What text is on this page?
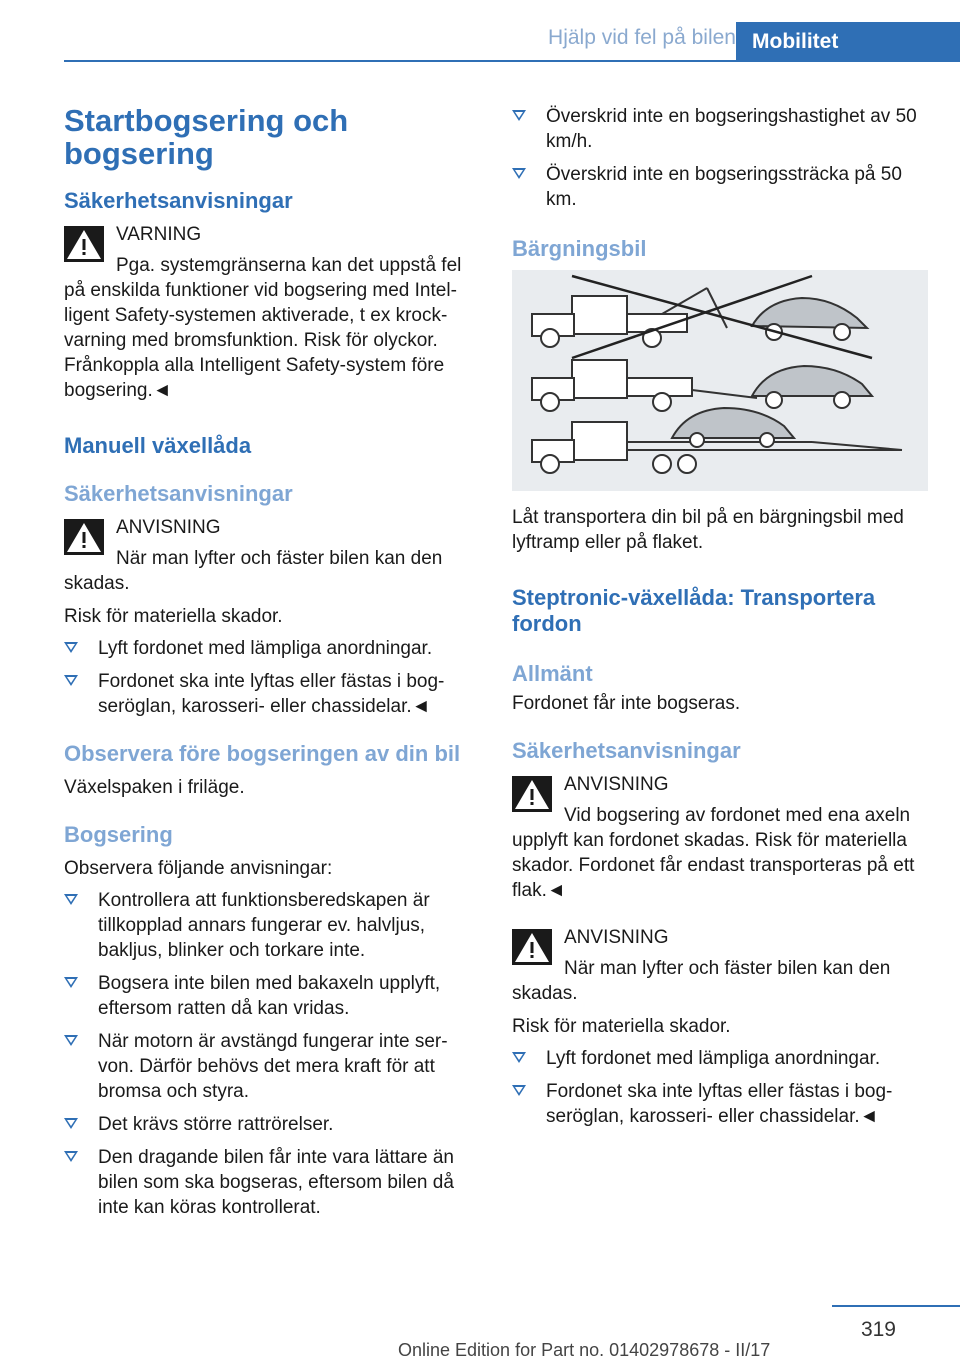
Hjälp vid fel på bilen Mobilitet
Startbogsering och bogsering
Säkerhetsanvisningar
VARNING
Pga. systemgränserna kan det uppstå fel på enskilda funktioner vid bogsering med Intel‐ligent Safety-systemen aktiverade, t ex krock‐varning med bromsfunktion. Risk för olyckor. Frånkoppla alla Intelligent Safety-system före bogsering.◄
Manuell växellåda
Säkerhetsanvisningar
ANVISNING
När man lyfter och fäster bilen kan den skadas.

Risk för materiella skador.

Lyft fordonet med lämpliga anordningar.
Fordonet ska inte lyftas eller fästas i bog‐seröglan, karosseri- eller chassidelar.◄
Observera före bogseringen av din bil

Växelspaken i friläge.

Bogsering

Observera följande anvisningar:

Kontrollera att funktionsberedskapen är tillkopplad annars fungerar ev. halvljus, bakljus, blinker och torkare inte.
Bogsera inte bilen med bakaxeln upplyft, eftersom ratten då kan vridas.
När motorn är avstängd fungerar inte ser‐von. Därför behövs det mera kraft för att bromsa och styra.
Det krävs större rattrörelser.
Den dragande bilen får inte vara lättare än bilen som ska bogseras, eftersom bilen då inte kan köras kontrollerat.
Överskrid inte en bogseringshastighet av 50 km/h.
Överskrid inte en bogseringssträcka på 50 km.
Bärgningsbil

Låt transportera din bil på en bärgningsbil med lyftramp eller på flaket.

Steptronic-växellåda: Transportera fordon
Allmänt

Fordonet får inte bogseras.

Säkerhetsanvisningar
ANVISNING
Vid bogsering av fordonet med ena axeln upplyft kan fordonet skadas. Risk för materiella skador. Fordonet får endast transporteras på ett flak.◄
ANVISNING
När man lyfter och fäster bilen kan den skadas.

Risk för materiella skador.

Lyft fordonet med lämpliga anordningar.
Fordonet ska inte lyftas eller fästas i bog‐seröglan, karosseri- eller chassidelar.◄
319
Online Edition for Part no. 01402978678 - II/17
